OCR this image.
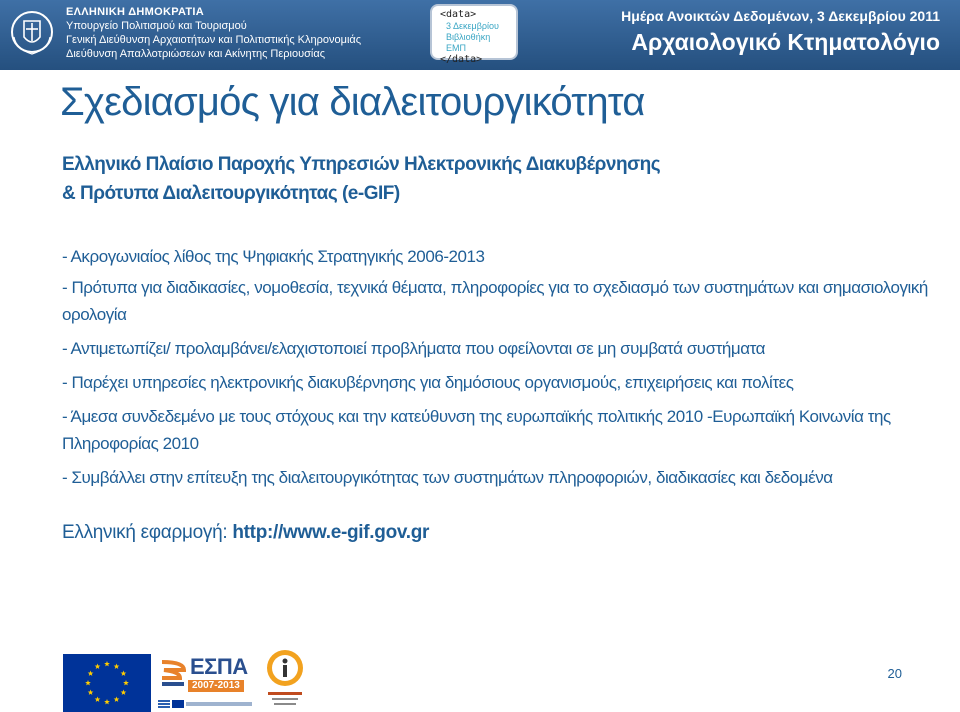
ΕΛΛΗΝΙΚΗ ΔΗΜΟΚΡΑΤΙΑ
Υπουργείο Πολιτισμού και Τουρισμού
Γενική Διεύθυνση Αρχαιοτήτων και Πολιτιστικής Κληρονομιάς
Διεύθυνση Απαλλοτριώσεων και Ακίνητης Περιουσίας
<data>
3 Δεκεμβρίου
Βιβλιοθήκη ΕΜΠ
</data>
Ημέρα Ανοικτών Δεδομένων, 3 Δεκεμβρίου 2011
Αρχαιολογικό Κτηματολόγιο
Σχεδιασμός για διαλειτουργικότητα
Ελληνικό Πλαίσιο Παροχής Υπηρεσιών Ηλεκτρονικής Διακυβέρνησης
& Πρότυπα Διαλειτουργικότητας (e-GIF)
- Ακρογωνιαίος λίθος της Ψηφιακής Στρατηγικής 2006-2013
- Πρότυπα για διαδικασίες, νομοθεσία, τεχνικά θέματα, πληροφορίες για το σχεδιασμό των συστημάτων και σημασιολογική ορολογία
- Αντιμετωπίζει/ προλαμβάνει/ελαχιστοποιεί προβλήματα που οφείλονται σε μη συμβατά συστήματα
- Παρέχει υπηρεσίες ηλεκτρονικής διακυβέρνησης για δημόσιους οργανισμούς, επιχειρήσεις και πολίτες
- Άμεσα συνδεδεμένο με τους στόχους και την κατεύθυνση της ευρωπαϊκής πολιτικής 2010 -Ευρωπαϊκή Κοινωνία της Πληροφορίας 2010
- Συμβάλλει στην επίτευξη της διαλειτουργικότητας των συστημάτων πληροφοριών, διαδικασίες και δεδομένα
Ελληνική εφαρμογή: http://www.e-gif.gov.gr
ΕΣΠΑ
2007-2013
20
